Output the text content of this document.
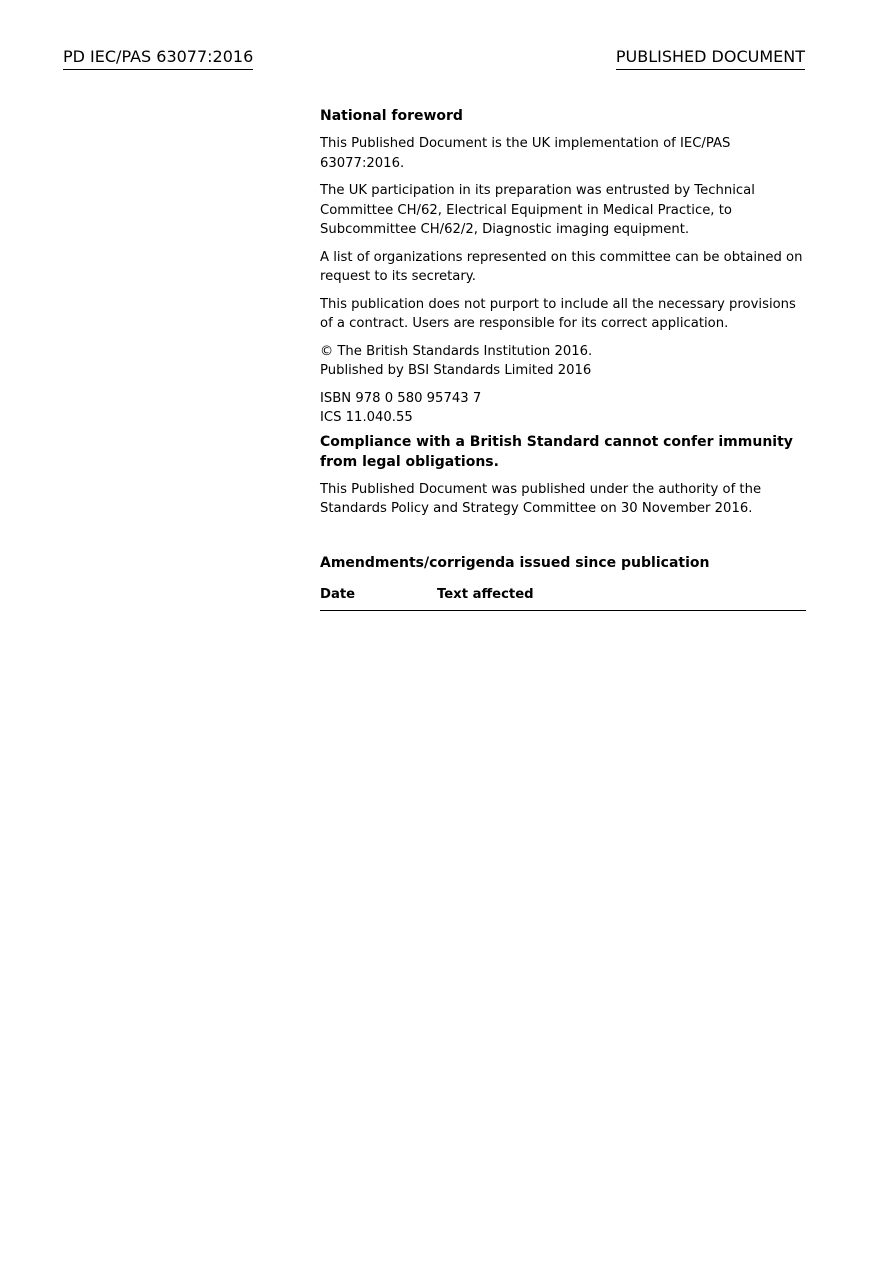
PD IEC/PAS 63077:2016	PUBLISHED DOCUMENT
National foreword

This Published Document is the UK implementation of IEC/PAS 63077:2016.

The UK participation in its preparation was entrusted by Technical Committee CH/62, Electrical Equipment in Medical Practice, to Subcommittee CH/62/2, Diagnostic imaging equipment.

A list of organizations represented on this committee can be obtained on request to its secretary.

This publication does not purport to include all the necessary provisions of a contract. Users are responsible for its correct application.

© The British Standards Institution 2016.
Published by BSI Standards Limited 2016

ISBN 978 0 580 95743 7
ICS 11.040.55

Compliance with a British Standard cannot confer immunity from legal obligations.

This Published Document was published under the authority of the Standards Policy and Strategy Committee on 30 November 2016.

Amendments/corrigenda issued since publication
Date	Text affected
